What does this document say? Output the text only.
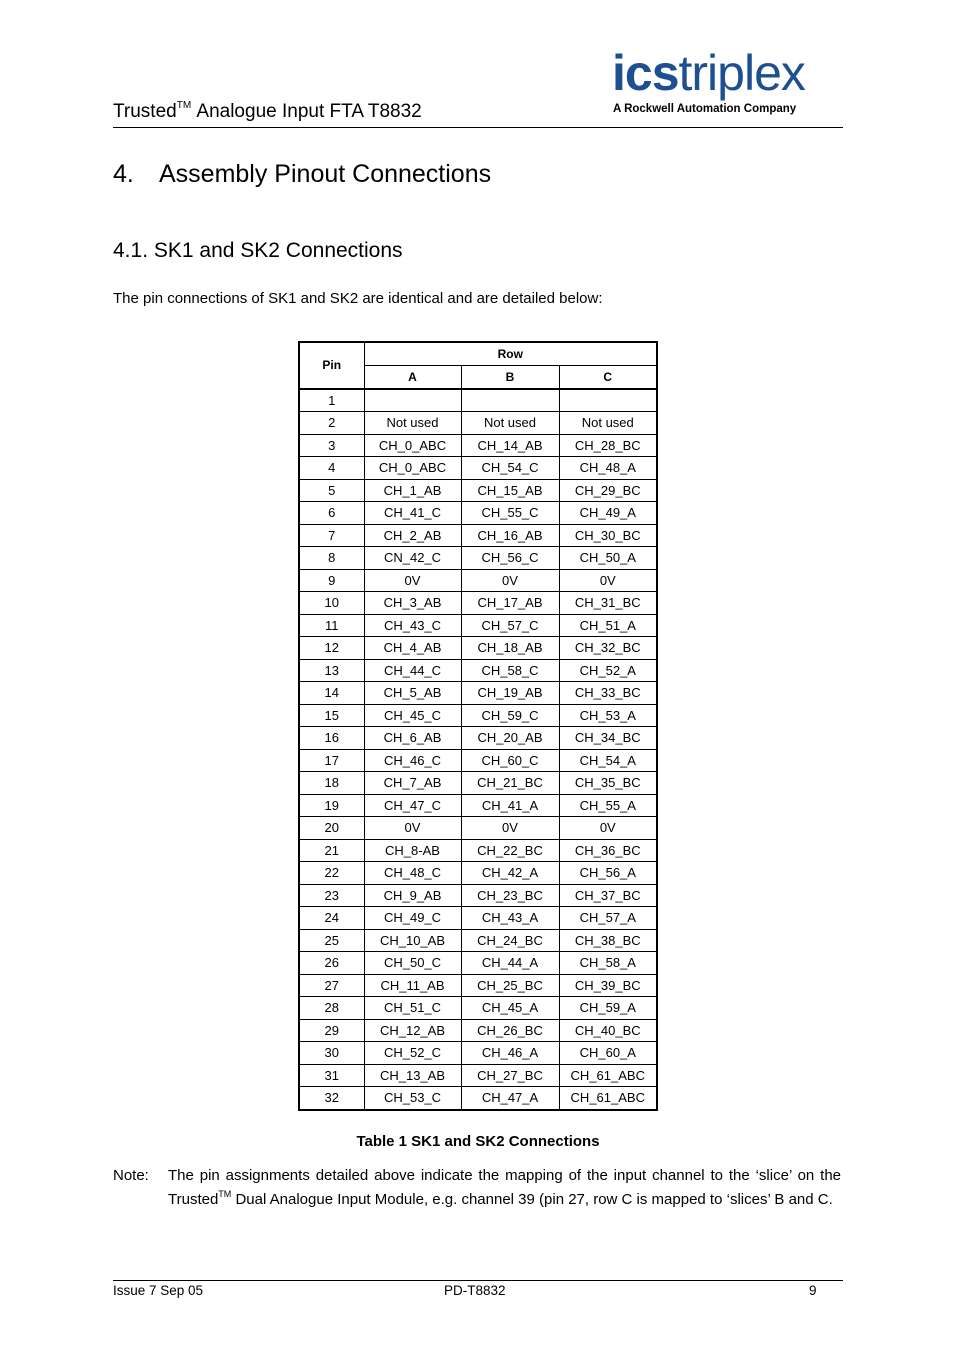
Trusted™ Analogue Input FTA T8832
icstriplex
A Rockwell Automation Company
4. Assembly Pinout Connections
4.1. SK1 and SK2 Connections
The pin connections of SK1 and SK2 are identical and are detailed below:
Pin	Row		
	A	B	C
1			
2	Not used	Not used	Not used
3	CH_0_ABC	CH_14_AB	CH_28_BC
4	CH_0_ABC	CH_54_C	CH_48_A
5	CH_1_AB	CH_15_AB	CH_29_BC
6	CH_41_C	CH_55_C	CH_49_A
7	CH_2_AB	CH_16_AB	CH_30_BC
8	CN_42_C	CH_56_C	CH_50_A
9	0V	0V	0V
10	CH_3_AB	CH_17_AB	CH_31_BC
11	CH_43_C	CH_57_C	CH_51_A
12	CH_4_AB	CH_18_AB	CH_32_BC
13	CH_44_C	CH_58_C	CH_52_A
14	CH_5_AB	CH_19_AB	CH_33_BC
15	CH_45_C	CH_59_C	CH_53_A
16	CH_6_AB	CH_20_AB	CH_34_BC
17	CH_46_C	CH_60_C	CH_54_A
18	CH_7_AB	CH_21_BC	CH_35_BC
19	CH_47_C	CH_41_A	CH_55_A
20	0V	0V	0V
21	CH_8-AB	CH_22_BC	CH_36_BC
22	CH_48_C	CH_42_A	CH_56_A
23	CH_9_AB	CH_23_BC	CH_37_BC
24	CH_49_C	CH_43_A	CH_57_A
25	CH_10_AB	CH_24_BC	CH_38_BC
26	CH_50_C	CH_44_A	CH_58_A
27	CH_11_AB	CH_25_BC	CH_39_BC
28	CH_51_C	CH_45_A	CH_59_A
29	CH_12_AB	CH_26_BC	CH_40_BC
30	CH_52_C	CH_46_A	CH_60_A
31	CH_13_AB	CH_27_BC	CH_61_ABC
32	CH_53_C	CH_47_A	CH_61_ABC
Table 1 SK1 and SK2 Connections
Note: The pin assignments detailed above indicate the mapping of the input channel to the ‘slice’ on the Trusted™ Dual Analogue Input Module, e.g. channel 39 (pin 27, row C is mapped to ‘slices’ B and C.
Issue 7 Sep 05	PD-T8832	9
